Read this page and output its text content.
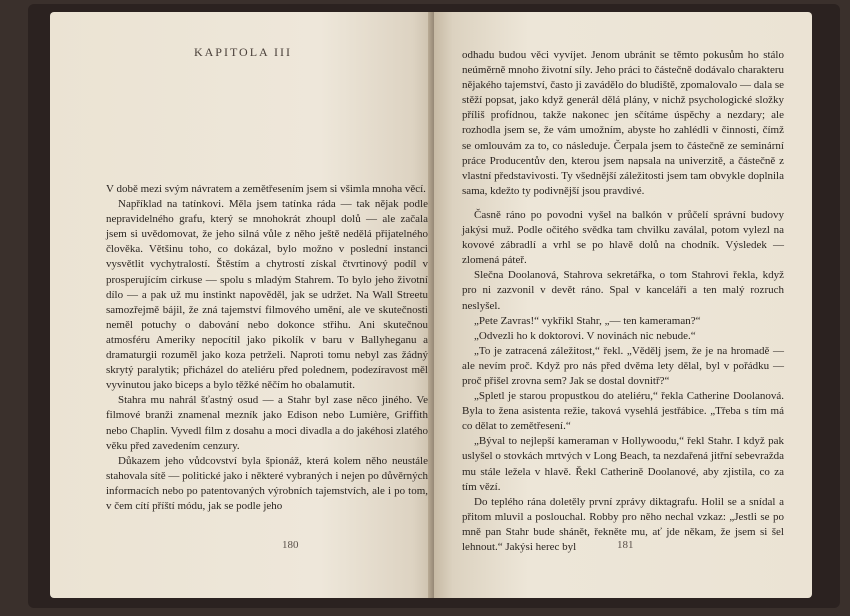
KAPITOLA III

V době mezi svým návratem a zemětřesením jsem si všimla mnoha věcí.

Například na tatínkovi. Měla jsem tatínka ráda — tak nějak podle nepravidelného grafu, který se mnohokrát zhoupl dolů — ale začala jsem si uvědomovat, že jeho silná vůle z něho ještě nedělá přijatelného člověka. Většinu toho, co dokázal, bylo možno v poslední instanci vysvětlit vychytralostí. Štěstím a chytrostí získal čtvrtinový podíl v prosperujícím cirkuse — spolu s mladým Stahrem. To bylo jeho životní dílo — a pak už mu instinkt napověděl, jak se udržet. Na Wall Streetu samozřejmě bájil, že zná tajemství filmového umění, ale ve skutečnosti neměl potuchy o dabování nebo dokonce střihu. Ani skutečnou atmosféru Ameriky nepocítil jako pikolík v baru v Ballyheganu a dramaturgii rozuměl jako koza petrželi. Naproti tomu nebyl zas žádný skrytý paralytik; přicházel do ateliéru před polednem, podezíravost měl vyvinutou jako biceps a bylo těžké něčím ho obalamutit.

Stahra mu nahrál šťastný osud — a Stahr byl zase něco jiného. Ve filmové branži znamenal mezník jako Edison nebo Lumière, Griffith nebo Chaplin. Vyvedl film z dosahu a moci divadla a do jakéhosi zlatého věku před zavedením cenzury.

Důkazem jeho vůdcovství byla špionáž, která kolem něho neustále stahovala sítě — politické jako i některé vybraných i nejen po důvěrných informacích nebo po patentovaných výrobních tajemstvích, ale i po tom, v čem cítí příští módu, jak se podle jeho

180

odhadu budou věci vyvíjet. Jenom ubránit se těmto pokusům ho stálo neúměrně mnoho životní síly. Jeho práci to částečně dodávalo charakteru nějakého tajemství, často ji zavádělo do bludiště, zpomalovalo — dala se stěží popsat, jako když generál dělá plány, v nichž psychologické složky příliš profídnou, takže nakonec jen sčítáme úspěchy a nezdary; ale rozhodla jsem se, že vám umožním, abyste ho zahlédli v činnosti, čímž se omlouvám za to, co následuje. Čerpala jsem to částečně ze seminární práce Producentův den, kterou jsem napsala na univerzitě, a částečně z vlastní představivosti. Ty všednější záležitosti jsem tam obvykle doplnila sama, kdežto ty podivnější jsou pravdivé.

Časně ráno po povodni vyšel na balkón v průčelí správní budovy jakýsi muž. Podle očitého svědka tam chvilku zaválal, potom vylezl na kovové zábradlí a vrhl se po hlavě dolů na chodník. Výsledek — zlomená páteř.

Slečna Doolanová, Stahrova sekretářka, o tom Stahrovi řekla, když pro ni zazvonil v devět ráno. Spal v kanceláři a ten malý rozruch neslyšel.

„Pete Zavras!“ vykřikl Stahr, „— ten kameraman?“

„Odvezli ho k doktorovi. V novinách nic nebude.“

„To je zatracená záležitost,“ řekl. „Vědělj jsem, že je na hromadě — ale nevím proč. Když pro nás před dvěma lety dělal, byl v pořádku — proč přišel zrovna sem? Jak se dostal dovnitř?“

„Spletl je starou propustkou do ateliéru,“ řekla Catherine Doolanová. Byla to žena asistenta režie, taková vysehlá jestřábice. „Třeba s tím má co dělat to zemětřesení.“

„Býval to nejlepší kameraman v Hollywoodu,“ řekl Stahr. I když pak uslyšel o stovkách mrtvých v Long Beach, ta nezdařená jitřní sebevražda mu stále ležela v hlavě. Řekl Catherině Doolanové, aby zjistila, co za tím vězí.

Do teplého rána doletěly první zprávy diktagrafu. Holil se a snídal a přitom mluvil a poslouchal. Robby pro něho nechal vzkaz: „Jestli se po mně pan Stahr bude shánět, řekněte mu, ať jde někam, že jsem si šel lehnout.“ Jakýsi herec byl	181
